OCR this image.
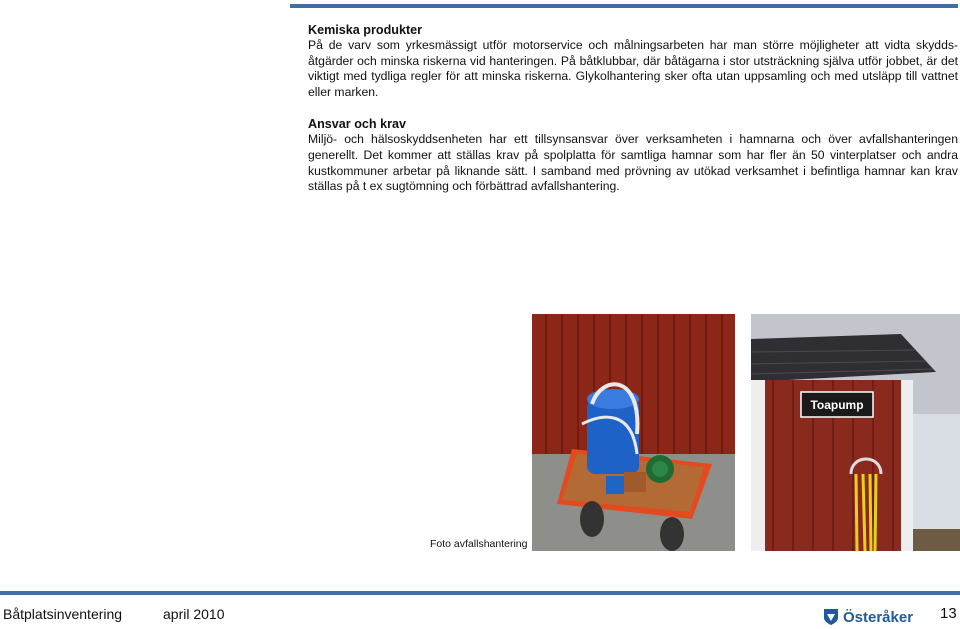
Kemiska produkter

På de varv som yrkesmässigt utför motorservice och målningsarbeten har man större möjligheter att vidta skydds-åtgärder och minska riskerna vid hanteringen. På båtklubbar, där båtägarna i stor utsträckning själva utför jobbet, är det viktigt med tydliga regler för att minska riskerna. Glykolhantering sker ofta utan uppsamling och med utsläpp till vattnet eller marken.

Ansvar och krav

Miljö- och hälsoskyddsenheten har ett tillsynsansvar över verksamheten i hamnarna och över avfallshanteringen generellt. Det kommer att ställas krav på spolplatta för samtliga hamnar som har fler än 50 vinterplatser och andra kustkommuner arbetar på liknande sätt. I samband med prövning av utökad verksamhet i befintliga hamnar kan krav ställas på t ex sugtömning och förbättrad avfallshantering.

Foto avfallshantering
Toapump
Båtplatsinventering	april 2010	Österåker 13
